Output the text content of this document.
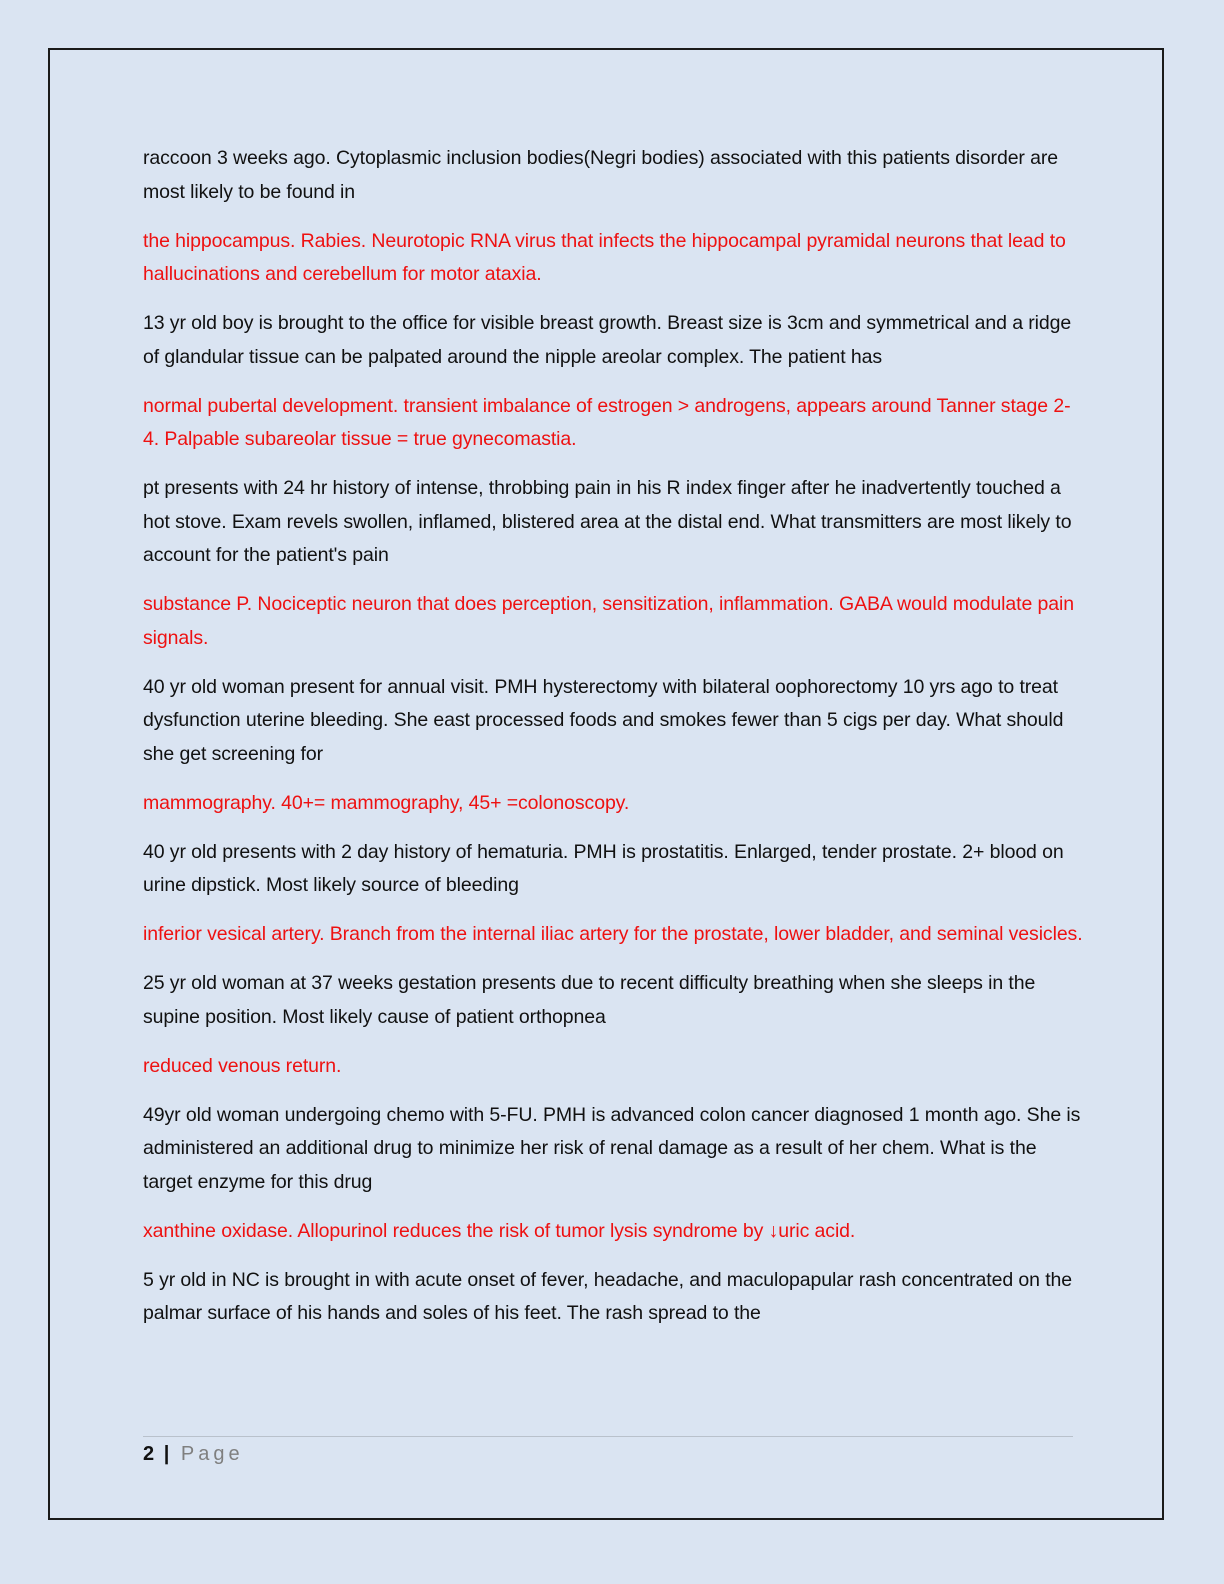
raccoon 3 weeks ago. Cytoplasmic inclusion bodies(Negri bodies) associated with this patients disorder are most likely to be found in

the hippocampus. Rabies. Neurotopic RNA virus that infects the hippocampal pyramidal neurons that lead to hallucinations and cerebellum for motor ataxia.

13 yr old boy is brought to the office for visible breast growth. Breast size is 3cm and symmetrical and a ridge of glandular tissue can be palpated around the nipple areolar complex. The patient has

normal pubertal development. transient imbalance of estrogen > androgens, appears around Tanner stage 2-4. Palpable subareolar tissue = true gynecomastia.

pt presents with 24 hr history of intense, throbbing pain in his R index finger after he inadvertently touched a hot stove. Exam revels swollen, inflamed, blistered area at the distal end. What transmitters are most likely to account for the patient's pain

substance P. Nociceptic neuron that does perception, sensitization, inflammation. GABA would modulate pain signals.

40 yr old woman present for annual visit. PMH hysterectomy with bilateral oophorectomy 10 yrs ago to treat dysfunction uterine bleeding. She east processed foods and smokes fewer than 5 cigs per day. What should she get screening for

mammography. 40+= mammography, 45+ =colonoscopy.

40 yr old presents with 2 day history of hematuria. PMH is prostatitis. Enlarged, tender prostate. 2+ blood on urine dipstick. Most likely source of bleeding

inferior vesical artery. Branch from the internal iliac artery for the prostate, lower bladder, and seminal vesicles.

25 yr old woman at 37 weeks gestation presents due to recent difficulty breathing when she sleeps in the supine position. Most likely cause of patient orthopnea

reduced venous return.

49yr old woman undergoing chemo with 5-FU. PMH is advanced colon cancer diagnosed 1 month ago. She is administered an additional drug to minimize her risk of renal damage as a result of her chem. What is the target enzyme for this drug

xanthine oxidase. Allopurinol reduces the risk of tumor lysis syndrome by ↓uric acid.

5 yr old in NC is brought in with acute onset of fever, headache, and maculopapular rash concentrated on the palmar surface of his hands and soles of his feet. The rash spread to the

2 | Page
